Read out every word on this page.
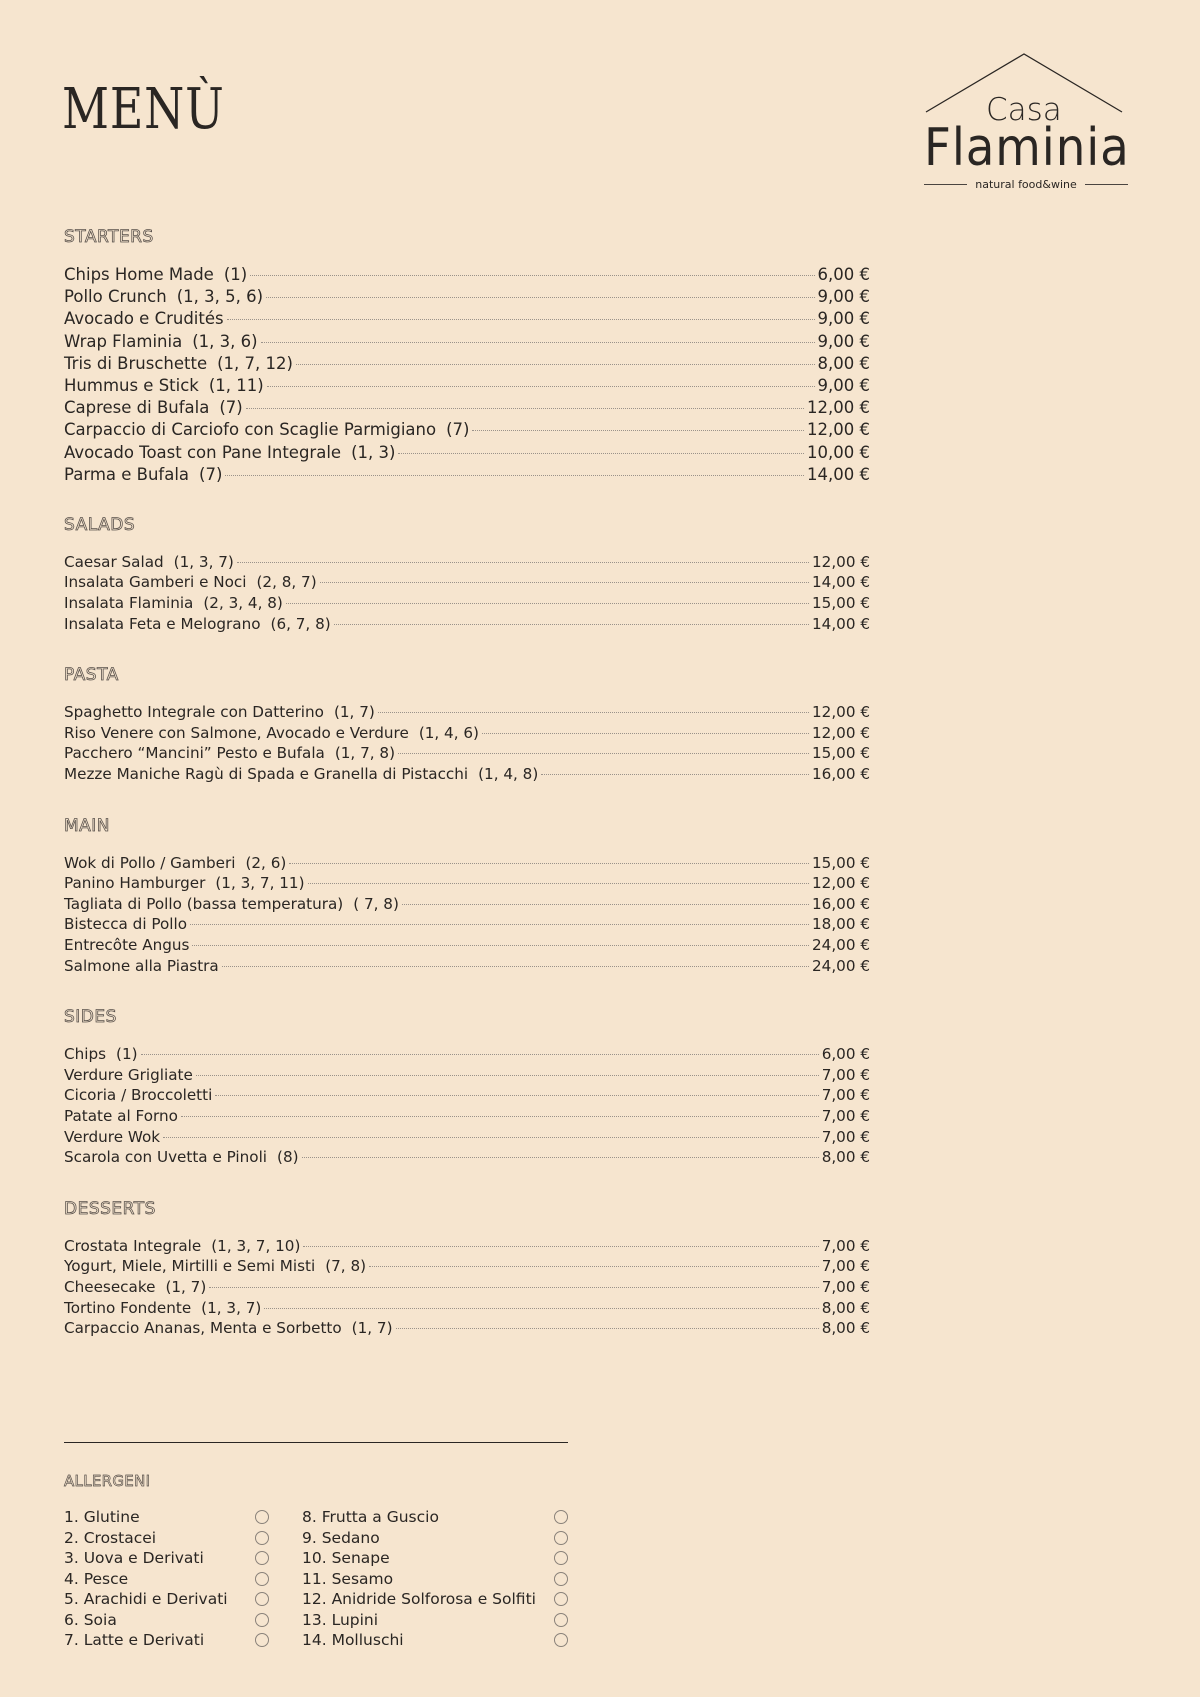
MENÙ	Casa
Flaminia
natural food&wine
STARTERS
Chips Home Made (1)	6,00 €
Pollo Crunch (1, 3, 5, 6)	9,00 €
Avocado e Crudités	9,00 €
Wrap Flaminia (1, 3, 6)	9,00 €
Tris di Bruschette (1, 7, 12)	8,00 €
Hummus e Stick (1, 11)	9,00 €
Caprese di Bufala (7)	12,00 €
Carpaccio di Carciofo con Scaglie Parmigiano (7)	12,00 €
Avocado Toast con Pane Integrale (1, 3)	10,00 €
Parma e Bufala (7)	14,00 €
SALADS
Caesar Salad (1, 3, 7)	12,00 €
Insalata Gamberi e Noci (2, 8, 7)	14,00 €
Insalata Flaminia (2, 3, 4, 8)	15,00 €
Insalata Feta e Melograno (6, 7, 8)	14,00 €
PASTA
Spaghetto Integrale con Datterino (1, 7)	12,00 €
Riso Venere con Salmone, Avocado e Verdure (1, 4, 6)	12,00 €
Pacchero “Mancini” Pesto e Bufala (1, 7, 8)	15,00 €
Mezze Maniche Ragù di Spada e Granella di Pistacchi (1, 4, 8)	16,00 €
MAIN
Wok di Pollo / Gamberi (2, 6)	15,00 €
Panino Hamburger (1, 3, 7, 11)	12,00 €
Tagliata di Pollo (bassa temperatura) ( 7, 8)	16,00 €
Bistecca di Pollo	18,00 €
Entrecôte Angus	24,00 €
Salmone alla Piastra	24,00 €
SIDES
Chips (1)	6,00 €
Verdure Grigliate	7,00 €
Cicoria / Broccoletti	7,00 €
Patate al Forno	7,00 €
Verdure Wok	7,00 €
Scarola con Uvetta e Pinoli (8)	8,00 €
DESSERTS
Crostata Integrale (1, 3, 7, 10)	7,00 €
Yogurt, Miele, Mirtilli e Semi Misti (7, 8)	7,00 €
Cheesecake (1, 7)	7,00 €
Tortino Fondente (1, 3, 7)	8,00 €
Carpaccio Ananas, Menta e Sorbetto (1, 7)	8,00 €
ALLERGENI
1. Glutine
2. Crostacei
3. Uova e Derivati
4. Pesce
5. Arachidi e Derivati
6. Soia
7. Latte e Derivati
8. Frutta a Guscio
9. Sedano
10. Senape
11. Sesamo
12. Anidride Solforosa e Solfiti
13. Lupini
14. Molluschi
